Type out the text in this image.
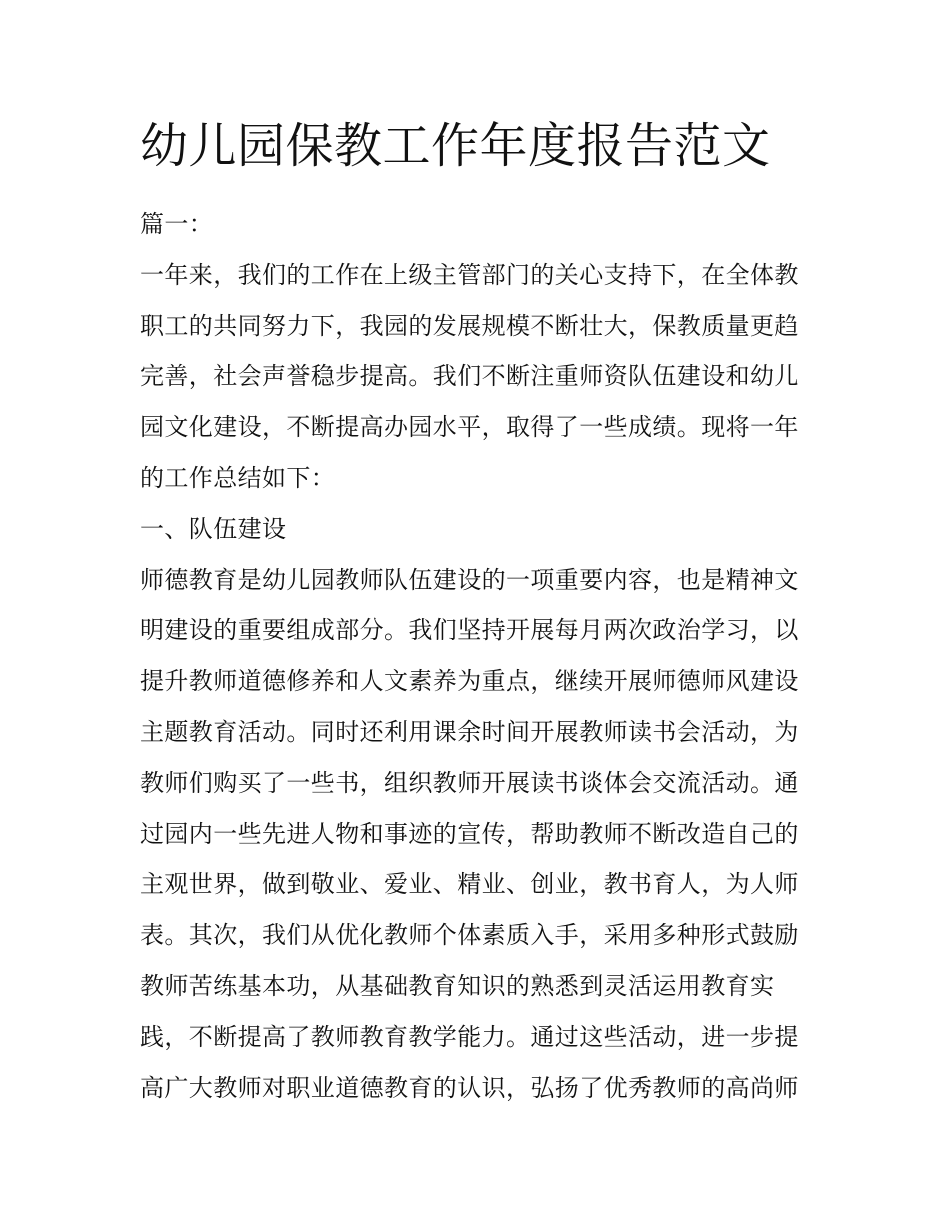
幼儿园保教工作年度报告范文
篇一：
一年来，我们的工作在上级主管部门的关心支持下，在全体教
职工的共同努力下，我园的发展规模不断壮大，保教质量更趋
完善，社会声誉稳步提高。我们不断注重师资队伍建设和幼儿
园文化建设，不断提高办园水平，取得了一些成绩。现将一年
的工作总结如下：
一、队伍建设
师德教育是幼儿园教师队伍建设的一项重要内容，也是精神文
明建设的重要组成部分。我们坚持开展每月两次政治学习，以
提升教师道德修养和人文素养为重点，继续开展师德师风建设
主题教育活动。同时还利用课余时间开展教师读书会活动，为
教师们购买了一些书，组织教师开展读书谈体会交流活动。通
过园内一些先进人物和事迹的宣传，帮助教师不断改造自己的
主观世界，做到敬业、爱业、精业、创业，教书育人，为人师
表。其次，我们从优化教师个体素质入手，采用多种形式鼓励
教师苦练基本功，从基础教育知识的熟悉到灵活运用教育实
践，不断提高了教师教育教学能力。通过这些活动，进一步提
高广大教师对职业道德教育的认识，弘扬了优秀教师的高尚师
